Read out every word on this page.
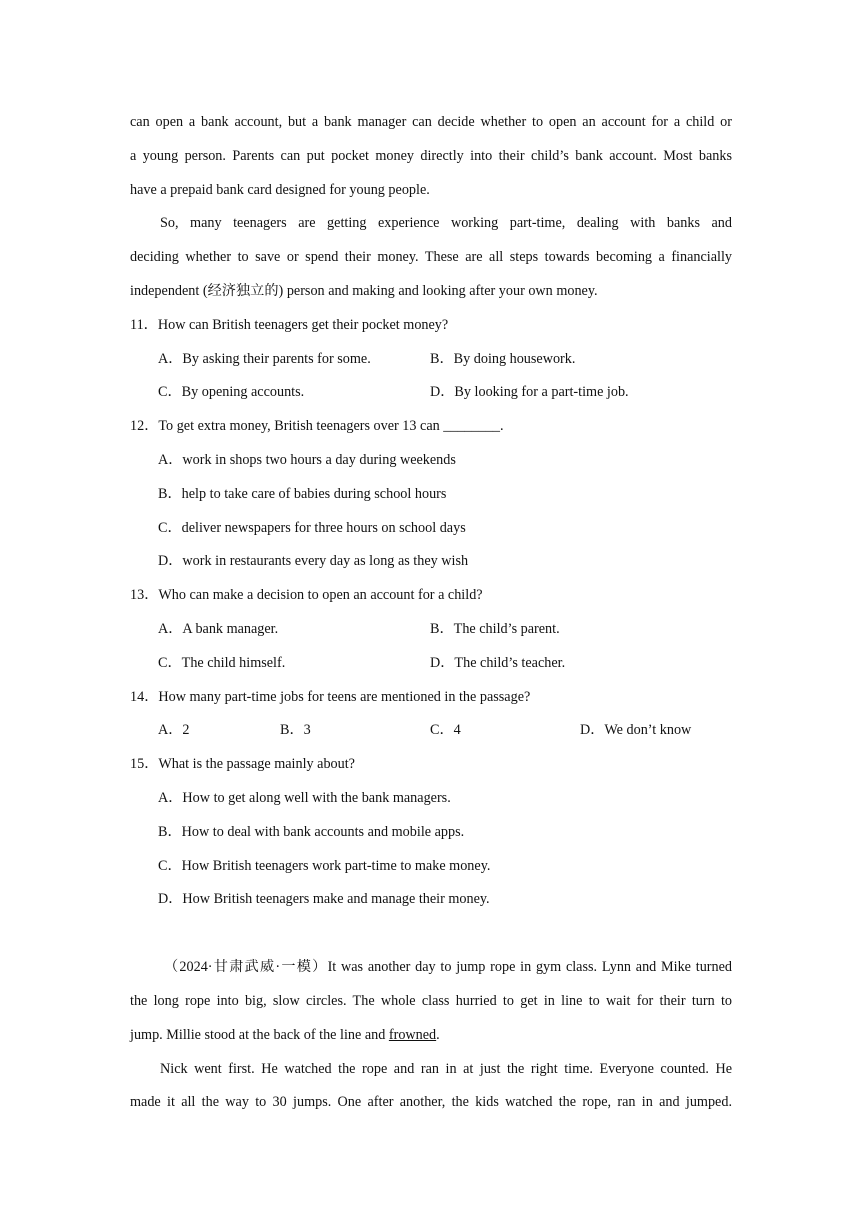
can open a bank account, but a bank manager can decide whether to open an account for a child or
a young person. Parents can put pocket money directly into their child’s bank account. Most banks
have a prepaid bank card designed for young people.
So, many teenagers are getting experience working part-time, dealing with banks and
deciding whether to save or spend their money. These are all steps towards becoming a financially
independent (经济独立的) person and making and looking after your own money.
11．How can British teenagers get their pocket money?
A．By asking their parents for some.	B．By doing housework.
C．By opening accounts.	D．By looking for a part-time job.
12．To get extra money, British teenagers over 13 can ________.
A．work in shops two hours a day during weekends
B．help to take care of babies during school hours
C．deliver newspapers for three hours on school days
D．work in restaurants every day as long as they wish
13．Who can make a decision to open an account for a child?
A．A bank manager.	B．The child’s parent.
C．The child himself.	D．The child’s teacher.
14．How many part-time jobs for teens are mentioned in the passage?
A．2	B．3	C．4	D．We don’t know
15．What is the passage mainly about?
A．How to get along well with the bank managers.
B．How to deal with bank accounts and mobile apps.
C．How British teenagers work part-time to make money.
D．How British teenagers make and manage their money.
（2024·甘肃武威·一模）It was another day to jump rope in gym class. Lynn and Mike turned
the long rope into big, slow circles. The whole class hurried to get in line to wait for their turn to
jump. Millie stood at the back of the line and frowned.
Nick went first. He watched the rope and ran in at just the right time. Everyone counted. He
made it all the way to 30 jumps. One after another, the kids watched the rope, ran in and jumped.
